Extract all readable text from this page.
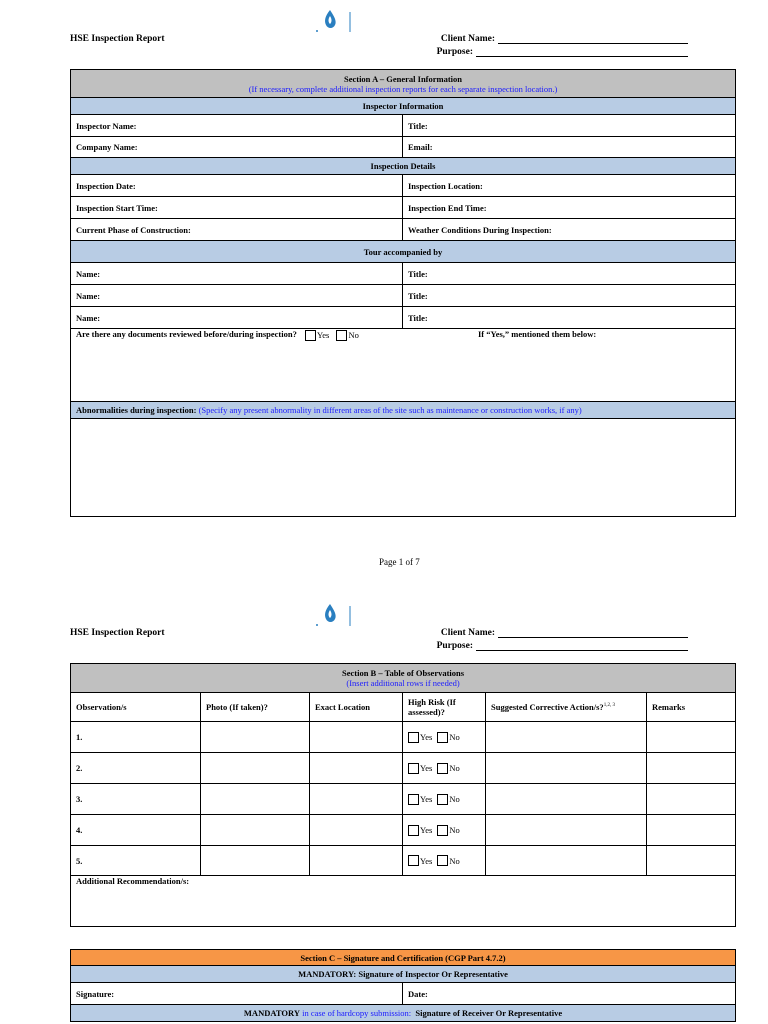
HSE Inspection Report	Client Name:
Purpose:
Section A – General Information
(If necessary, complete additional inspection reports for each separate inspection location.)	

Inspector Information	
Inspector Name:	Title:
Company Name:	Email:
Inspection Details	
Inspection Date:	Inspection Location:
Inspection Start Time:	Inspection End Time:
Current Phase of Construction:	Weather Conditions During Inspection:
Tour accompanied by	
Name:	Title:
Name:	Title:
Name:	Title:
Are there any documents reviewed before/during inspection? Yes No If “Yes,” mentioned them below:	
Abnormalities during inspection: (Specify any present abnormality in different areas of the site such as maintenance or construction works, if any)	

Page 1 of 7
HSE Inspection Report	Client Name:
Purpose:
Section B – Table of Observations
(Insert additional rows if needed)					

Observation/s	Photo (If taken)?	Exact Location	High Risk (If assessed)?	Suggested Corrective Action/s?$^{1,2, 3}$	Remarks
1.			Yes No		
2.			Yes No		
3.			Yes No		
4.			Yes No		
5.			Yes No		
Additional Recommendation/s:					
Section C – Signature and Certification (CGP Part 4.7.2)
MANDATORY: Signature of Inspector Or Representative
Signature:	Date:
MANDATORY in case of hardcopy submission:  Signature of Receiver Or Representative
